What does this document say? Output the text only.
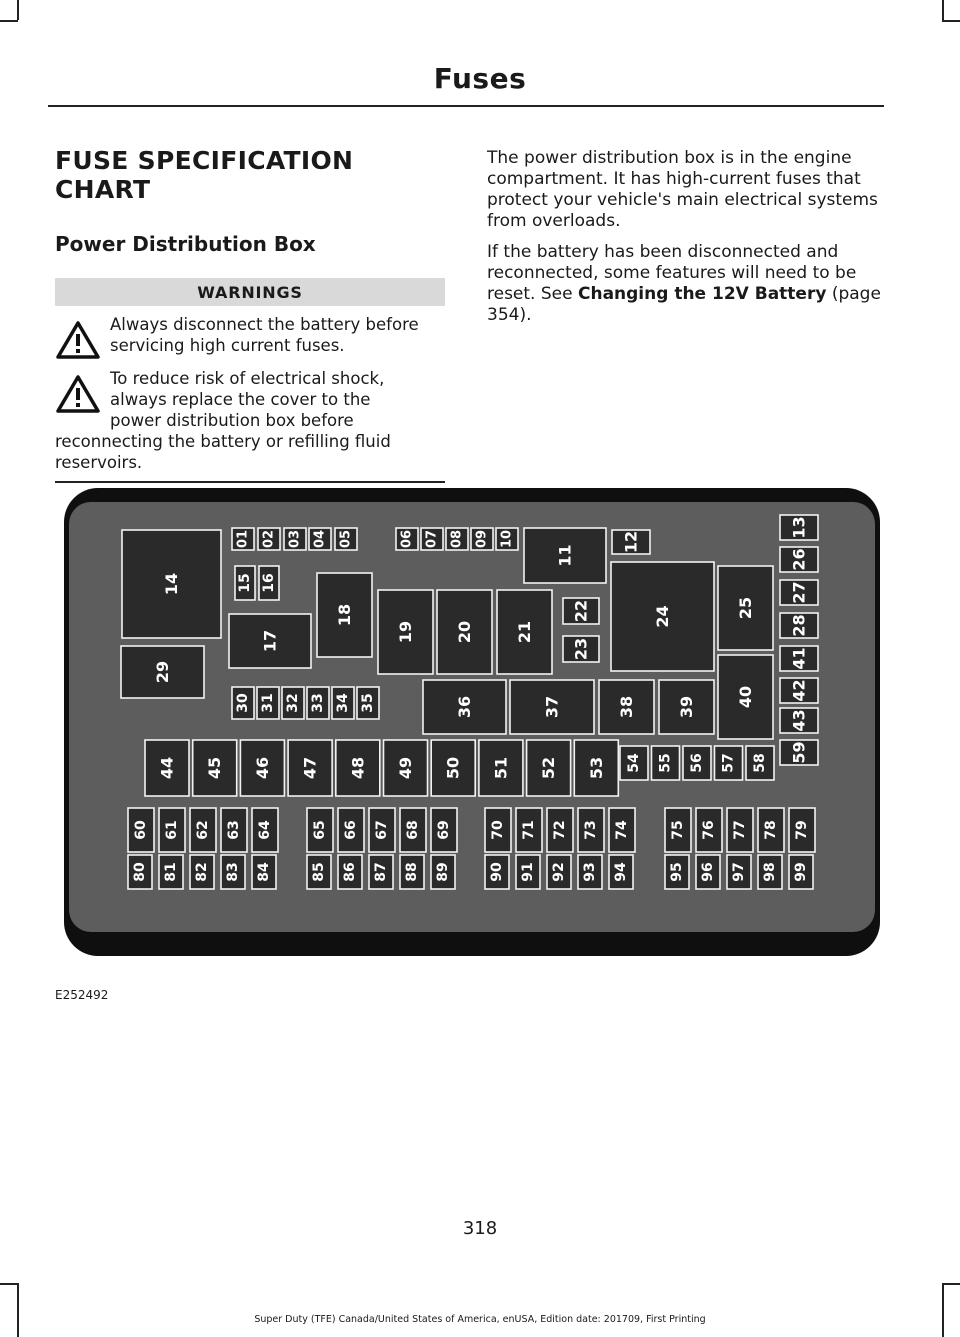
Fuses
FUSE SPECIFICATION CHART
Power Distribution Box
WARNINGS
Always disconnect the battery before servicing high current fuses.
To reduce risk of electrical shock,
always replace the cover to the
power distribution box before
reconnecting the battery or refilling fluid reservoirs.

The power distribution box is in the engine compartment. It has high-current fuses that protect your vehicle's main electrical systems from overloads.

If the battery has been disconnected and reconnected, some features will need to be reset. See Changing the 12V Battery (page 354).

01 02 03 04 05	06 07 08 09 10
11
12
13
14	15 16
17
18
19	20	21
22
23
24	25
26
27
28
29
30 31 32 33 34 35	36	37	38	39	40
41
42
43
44 45 46 47 48 49 50 51 52 53 54 55 56 57 58 59
60 61 62 63 64	65 66 67 68 69	70 71 72 73 74	75 76 77 78 79
80 81 82 83 84	85 86 87 88 89	90 91 92 93 94	95 96 97 98 99
E252492
318
Super Duty (TFE) Canada/United States of America, enUSA, Edition date: 201709, First Printing
